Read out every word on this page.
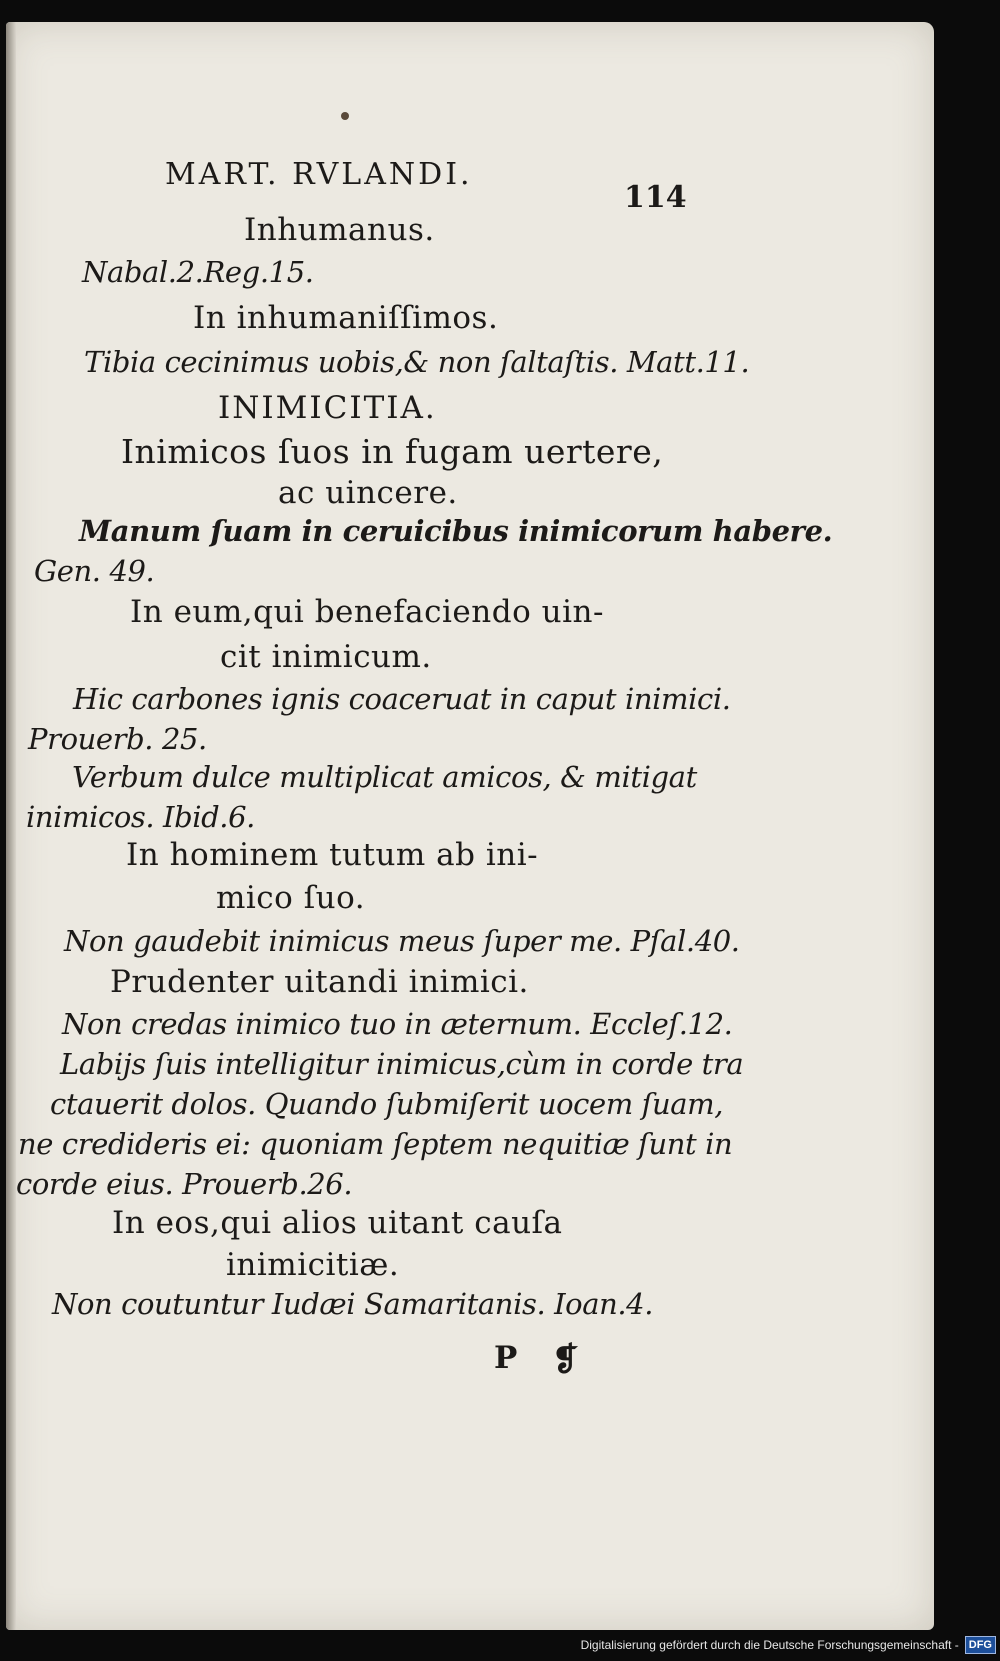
MART. RVLANDI.
114
Inhumanus.
Nabal.2.Reg.15.
In inhumaniſſimos.
Tibia cecinimus uobis,& non ſaltaſtis. Matt.11.
INIMICITIA.
Inimicos ſuos in fugam uertere,
ac uincere.
Manum ſuam in ceruicibus inimicorum habere.
Gen. 49.
In eum,qui benefaciendo uin-
cit inimicum.
Hic carbones ignis coaceruat in caput inimici.
Prouerb. 25.
Verbum dulce multiplicat amicos, & mitigat
inimicos. Ibid.6.
In hominem tutum ab ini-
mico ſuo.
Non gaudebit inimicus meus ſuper me. Pſal.40.
Prudenter uitandi inimici.
Non credas inimico tuo in æternum. Eccleſ.12.
Labijs ſuis intelligitur inimicus,cùm in corde tra
ctauerit dolos. Quando ſubmiſerit uocem ſuam,
ne credideris ei: quoniam ſeptem nequitiæ ſunt in
corde eius. Prouerb.26.
In eos,qui alios uitant cauſa
inimicitiæ.
Non coutuntur Iudæi Samaritanis. Ioan.4.
P ❡
Digitalisierung gefördert durch die Deutsche Forschungsgemeinschaft - DFG
